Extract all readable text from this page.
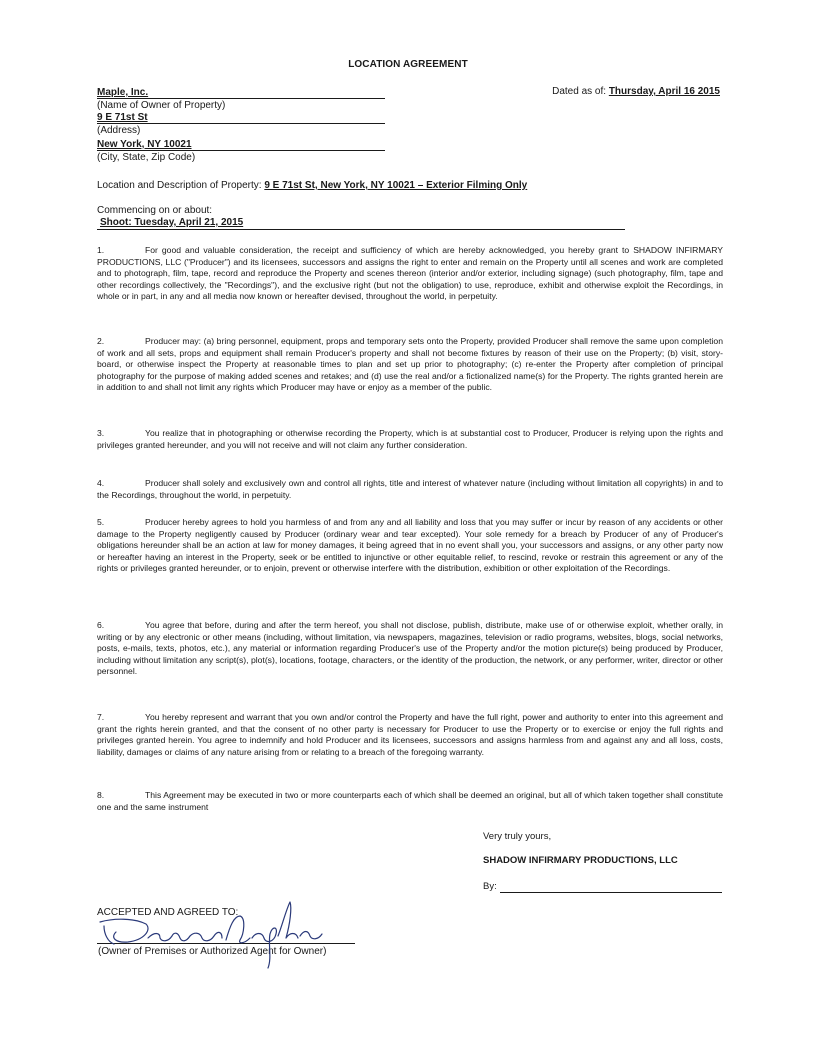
LOCATION AGREEMENT
Maple, Inc.
(Name of Owner of Property)
9 E 71st St
(Address)
New York, NY 10021
(City, State, Zip Code)
Dated as of: Thursday, April 16 2015
Location and Description of Property: 9 E 71st St, New York, NY 10021 – Exterior Filming Only
Commencing on or about:
Shoot: Tuesday, April 21, 2015
1.	For good and valuable consideration, the receipt and sufficiency of which are hereby acknowledged, you hereby grant to SHADOW INFIRMARY PRODUCTIONS, LLC ("Producer") and its licensees, successors and assigns the right to enter and remain on the Property until all scenes and work are completed and to photograph, film, tape, record and reproduce the Property and scenes thereon (interior and/or exterior, including signage) (such photography, film, tape and other recordings collectively, the "Recordings"), and the exclusive right (but not the obligation) to use, reproduce, exhibit and otherwise exploit the Recordings, in whole or in part, in any and all media now known or hereafter devised, throughout the world, in perpetuity.
2.	Producer may: (a) bring personnel, equipment, props and temporary sets onto the Property, provided Producer shall remove the same upon completion of work and all sets, props and equipment shall remain Producer's property and shall not become fixtures by reason of their use on the Property; (b) visit, story-board, or otherwise inspect the Property at reasonable times to plan and set up prior to photography; (c) re-enter the Property after completion of principal photography for the purpose of making added scenes and retakes; and (d) use the real and/or a fictionalized name(s) for the Property. The rights granted herein are in addition to and shall not limit any rights which Producer may have or enjoy as a member of the public.
3.	You realize that in photographing or otherwise recording the Property, which is at substantial cost to Producer, Producer is relying upon the rights and privileges granted hereunder, and you will not receive and will not claim any further consideration.
4.	Producer shall solely and exclusively own and control all rights, title and interest of whatever nature (including without limitation all copyrights) in and to the Recordings, throughout the world, in perpetuity.
5.	Producer hereby agrees to hold you harmless of and from any and all liability and loss that you may suffer or incur by reason of any accidents or other damage to the Property negligently caused by Producer (ordinary wear and tear excepted). Your sole remedy for a breach by Producer of any of Producer's obligations hereunder shall be an action at law for money damages, it being agreed that in no event shall you, your successors and assigns, or any other party now or hereafter having an interest in the Property, seek or be entitled to injunctive or other equitable relief, to rescind, revoke or restrain this agreement or any of the rights or privileges granted hereunder, or to enjoin, prevent or otherwise interfere with the distribution, exhibition or other exploitation of the Recordings.
6.	You agree that before, during and after the term hereof, you shall not disclose, publish, distribute, make use of or otherwise exploit, whether orally, in writing or by any electronic or other means (including, without limitation, via newspapers, magazines, television or radio programs, websites, blogs, social networks, posts, e-mails, texts, photos, etc.), any material or information regarding Producer's use of the Property and/or the motion picture(s) being produced by Producer, including without limitation any script(s), plot(s), locations, footage, characters, or the identity of the production, the network, or any performer, writer, director or other personnel.
7.	You hereby represent and warrant that you own and/or control the Property and have the full right, power and authority to enter into this agreement and grant the rights herein granted, and that the consent of no other party is necessary for Producer to use the Property or to exercise or enjoy the full rights and privileges granted herein. You agree to indemnify and hold Producer and its licensees, successors and assigns harmless from and against any and all loss, costs, liability, damages or claims of any nature arising from or relating to a breach of the foregoing warranty.
8.	This Agreement may be executed in two or more counterparts each of which shall be deemed an original, but all of which taken together shall constitute one and the same instrument
Very truly yours,
SHADOW INFIRMARY PRODUCTIONS, LLC
By:
ACCEPTED AND AGREED TO:
(Owner of Premises or Authorized Agent for Owner)
